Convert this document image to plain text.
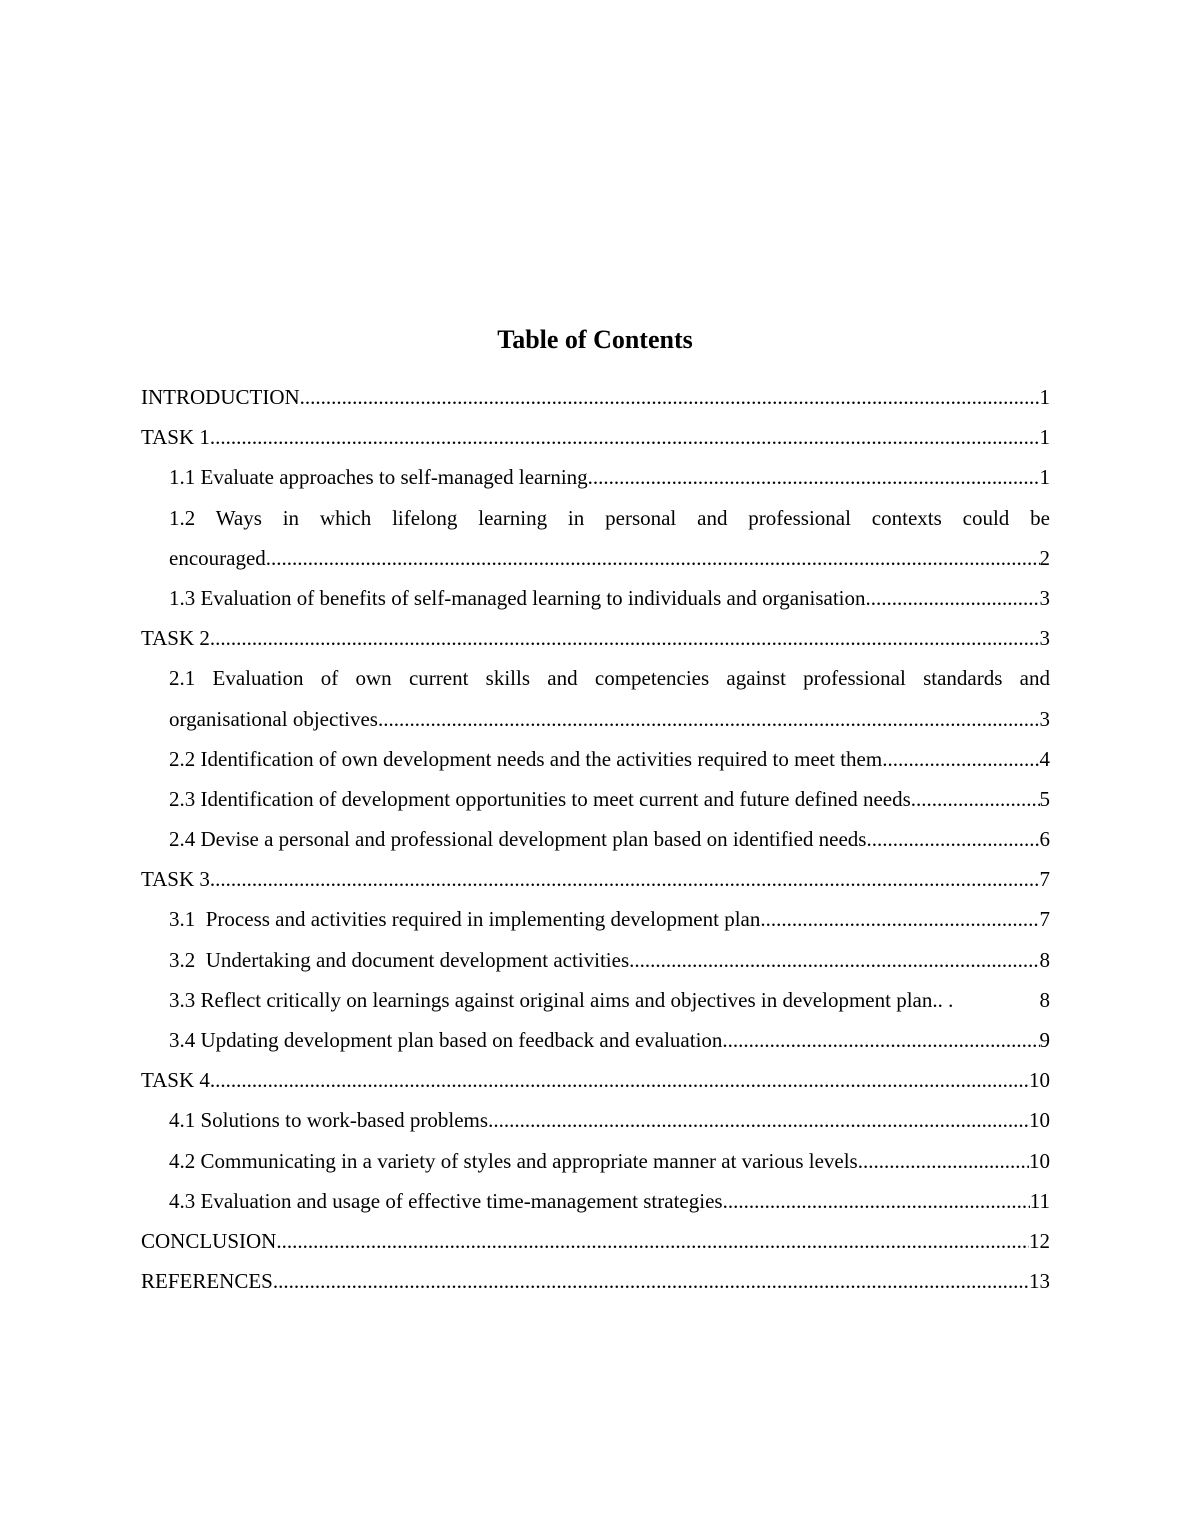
Table of Contents
INTRODUCTION .....	1
TASK 1 .....	1
1.1 Evaluate approaches to self-managed learning .....	1
1.2 Ways in which lifelong learning in personal and professional contexts could be
encouraged .....	2
1.3 Evaluation of benefits of self-managed learning to individuals and organisation .....	3
TASK 2 .....	3
2.1 Evaluation of own current skills and competencies against professional standards and
organisational objectives .....	3
2.2 Identification of own development needs and the activities required to meet them .....	4
2.3 Identification of development opportunities to meet current and future defined needs .....	5
2.4 Devise a personal and professional development plan based on identified needs .....	6
TASK 3 .....	7
3.1  Process and activities required in implementing development plan .....	7
3.2  Undertaking and document development activities .....	8
3.3 Reflect critically on learnings against original aims and objectives in development plan.. .	8
3.4 Updating development plan based on feedback and evaluation .....	9
TASK 4 .....	10
4.1 Solutions to work-based problems .....	10
4.2 Communicating in a variety of styles and appropriate manner at various levels .....	10
4.3 Evaluation and usage of effective time-management strategies .....	11
CONCLUSION .....	12
REFERENCES .....	13
